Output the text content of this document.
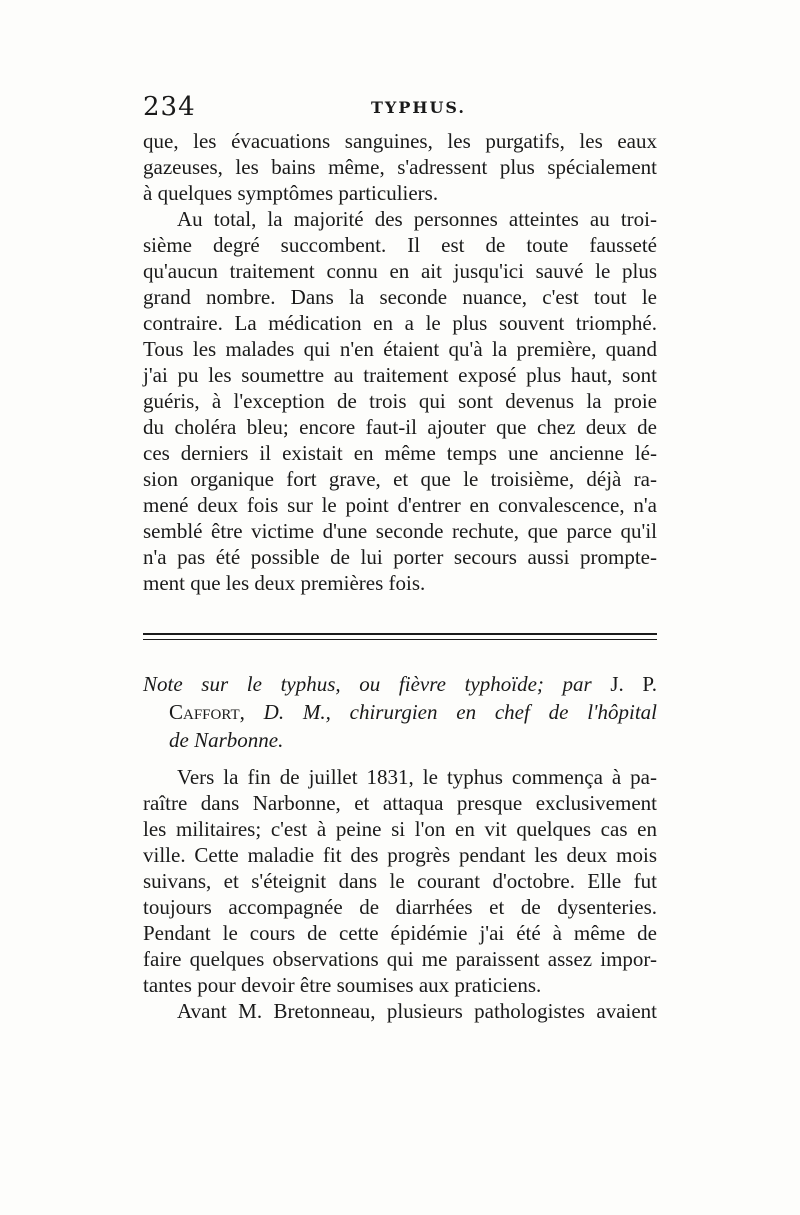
234	TYPHUS.
que, les évacuations sanguines, les purgatifs, les eaux
gazeuses, les bains même, s'adressent plus spécialement
à quelques symptômes particuliers.
Au total, la majorité des personnes atteintes au troi-
sième degré succombent. Il est de toute fausseté
qu'aucun traitement connu en ait jusqu'ici sauvé le plus
grand nombre. Dans la seconde nuance, c'est tout le
contraire. La médication en a le plus souvent triomphé.
Tous les malades qui n'en étaient qu'à la première, quand
j'ai pu les soumettre au traitement exposé plus haut, sont
guéris, à l'exception de trois qui sont devenus la proie
du choléra bleu; encore faut-il ajouter que chez deux de
ces derniers il existait en même temps une ancienne lé-
sion organique fort grave, et que le troisième, déjà ra-
mené deux fois sur le point d'entrer en convalescence, n'a
semblé être victime d'une seconde rechute, que parce qu'il
n'a pas été possible de lui porter secours aussi prompte-
ment que les deux premières fois.
Note sur le typhus, ou fièvre typhoïde; par J. P.
Caffort, D. M., chirurgien en chef de l'hôpital
de Narbonne.
Vers la fin de juillet 1831, le typhus commença à pa-
raître dans Narbonne, et attaqua presque exclusivement
les militaires; c'est à peine si l'on en vit quelques cas en
ville. Cette maladie fit des progrès pendant les deux mois
suivans, et s'éteignit dans le courant d'octobre. Elle fut
toujours accompagnée de diarrhées et de dysenteries.
Pendant le cours de cette épidémie j'ai été à même de
faire quelques observations qui me paraissent assez impor-
tantes pour devoir être soumises aux praticiens.
Avant M. Bretonneau, plusieurs pathologistes avaient
